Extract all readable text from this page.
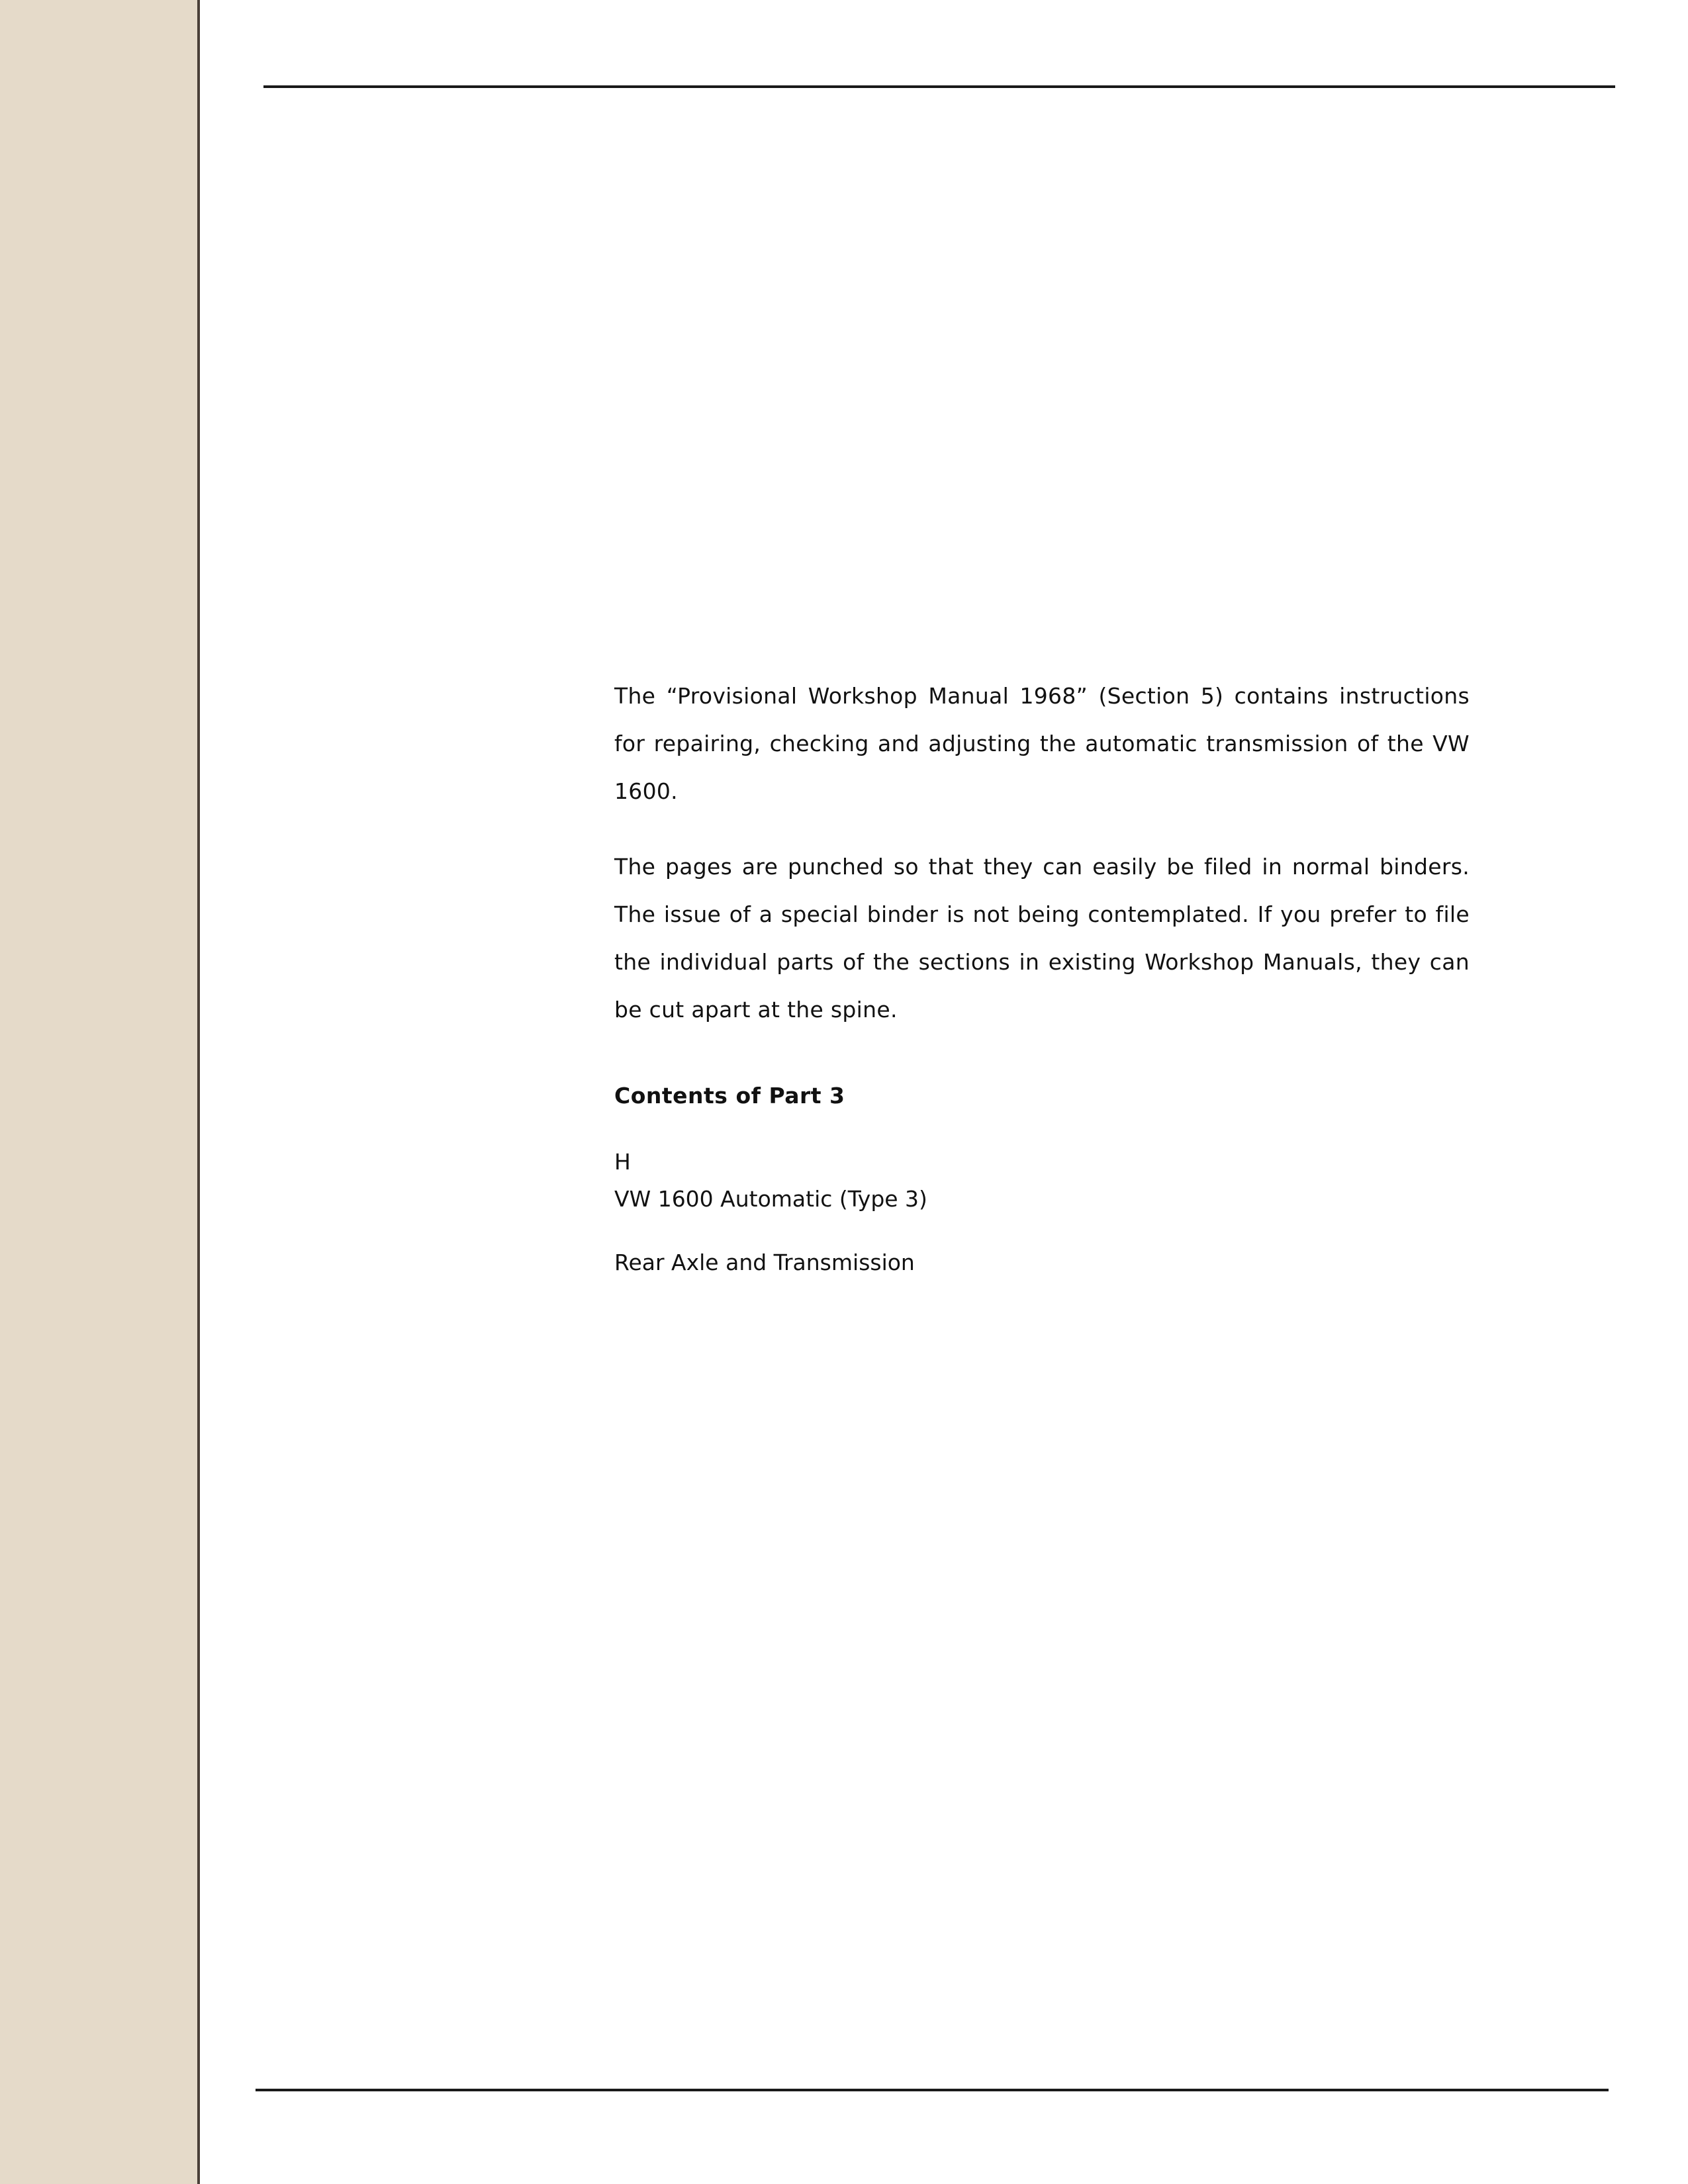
The “Provisional Workshop Manual 1968” (Section 5) contains instructions for repairing, checking and adjusting the automatic transmission of the VW 1600.

The pages are punched so that they can easily be filed in normal binders. The issue of a special binder is not being contemplated. If you prefer to file the individual parts of the sections in existing Workshop Manuals, they can be cut apart at the spine.

Contents of Part 3
H
VW 1600 Automatic (Type 3)
Rear Axle and Transmission
